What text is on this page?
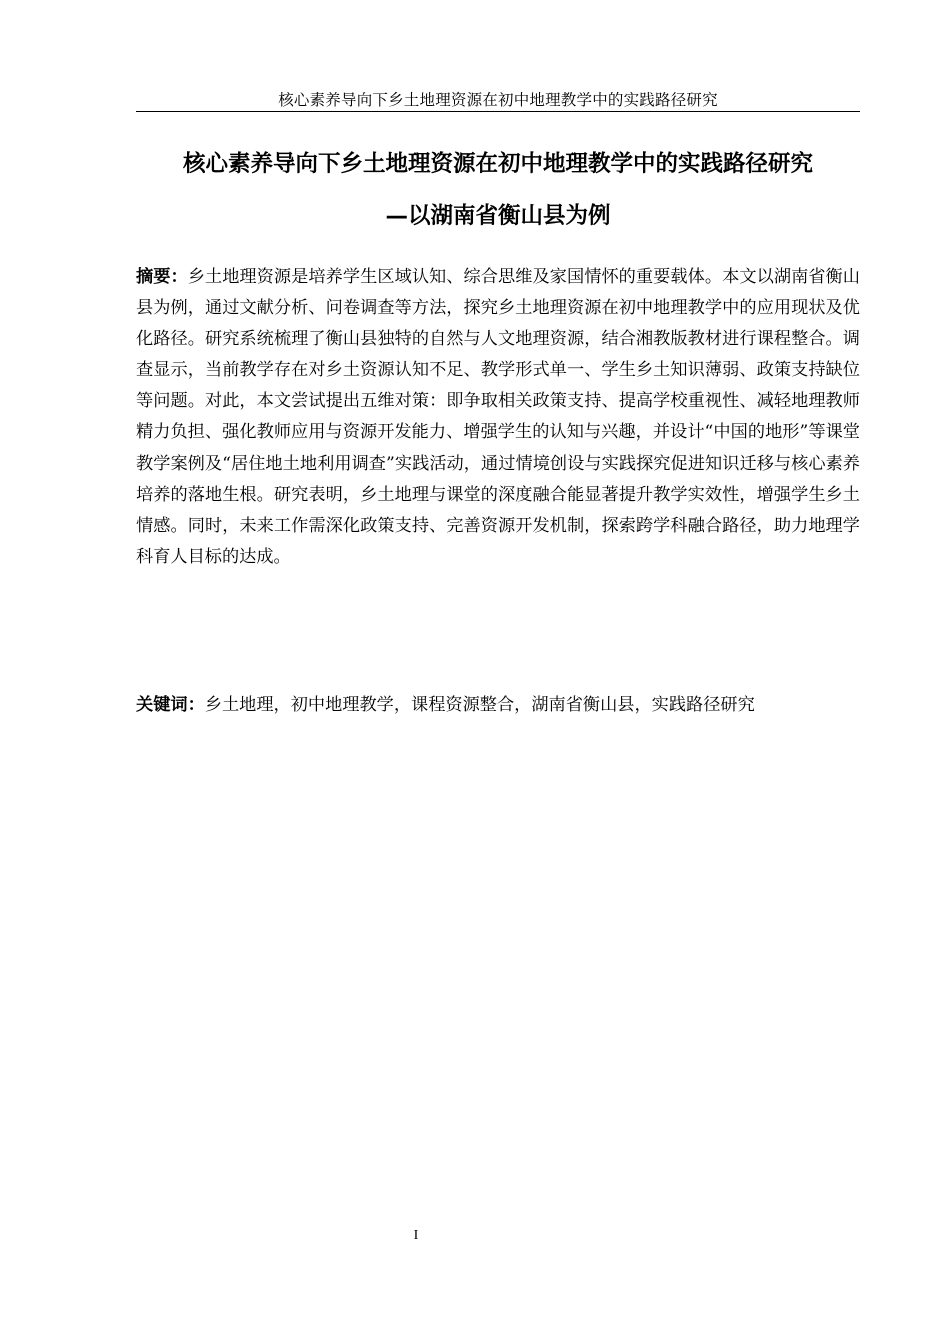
核心素养导向下乡土地理资源在初中地理教学中的实践路径研究
核心素养导向下乡土地理资源在初中地理教学中的实践路径研究
—以湖南省衡山县为例
摘要：乡土地理资源是培养学生区域认知、综合思维及家国情怀的重要载体。本文以湖南省衡山县为例，通过文献分析、问卷调查等方法，探究乡土地理资源在初中地理教学中的应用现状及优化路径。研究系统梳理了衡山县独特的自然与人文地理资源，结合湘教版教材进行课程整合。调查显示，当前教学存在对乡土资源认知不足、教学形式单一、学生乡土知识薄弱、政策支持缺位等问题。对此，本文尝试提出五维对策：即争取相关政策支持、提高学校重视性、减轻地理教师精力负担、强化教师应用与资源开发能力、增强学生的认知与兴趣，并设计“中国的地形”等课堂教学案例及“居住地土地利用调查”实践活动，通过情境创设与实践探究促进知识迁移与核心素养培养的落地生根。研究表明，乡土地理与课堂的深度融合能显著提升教学实效性，增强学生乡土情感。同时，未来工作需深化政策支持、完善资源开发机制，探索跨学科融合路径，助力地理学科育人目标的达成。
关键词：乡土地理，初中地理教学，课程资源整合，湖南省衡山县，实践路径研究
I
